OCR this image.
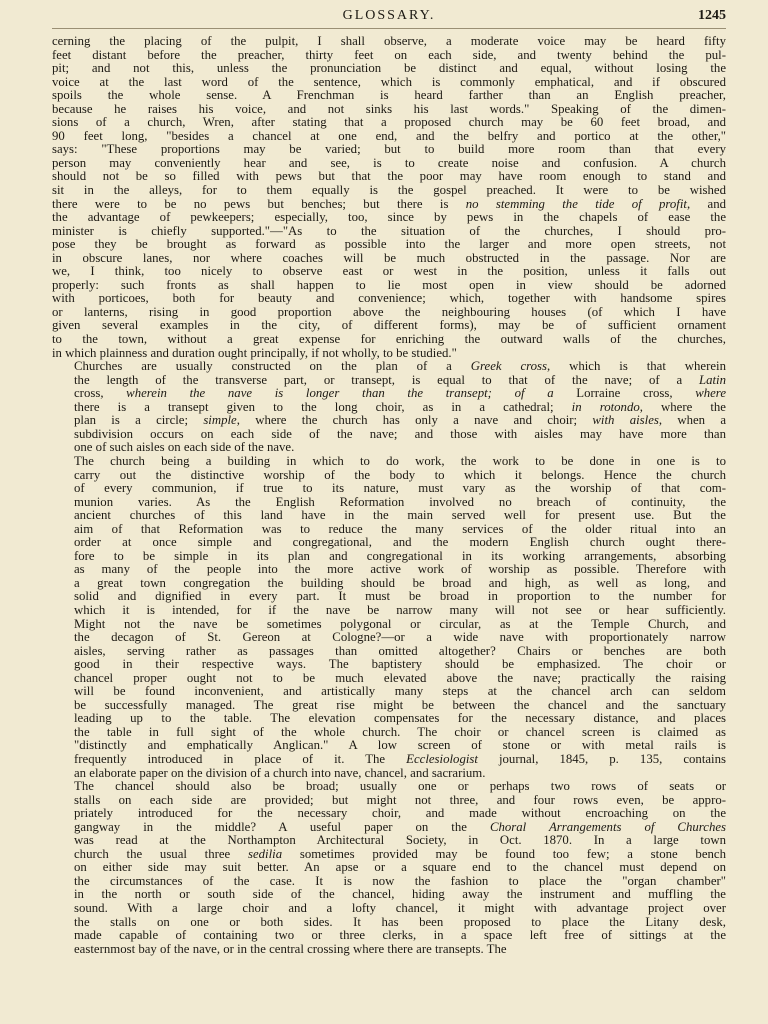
GLOSSARY.	1245
cerning the placing of the pulpit, I shall observe, a moderate voice may be heard fifty
feet distant before the preacher, thirty feet on each side, and twenty behind the pul-
pit; and not this, unless the pronunciation be distinct and equal, without losing the
voice at the last word of the sentence, which is commonly emphatical, and if obscured
spoils the whole sense. A Frenchman is heard farther than an English preacher,
because he raises his voice, and not sinks his last words." Speaking of the dimen-
sions of a church, Wren, after stating that a proposed church may be 60 feet broad, and
90 feet long, "besides a chancel at one end, and the belfry and portico at the other,"
says: "These proportions may be varied; but to build more room than that every
person may conveniently hear and see, is to create noise and confusion. A church
should not be so filled with pews but that the poor may have room enough to stand and
sit in the alleys, for to them equally is the gospel preached. It were to be wished
there were to be no pews but benches; but there is no stemming the tide of profit, and
the advantage of pewkeepers; especially, too, since by pews in the chapels of ease the
minister is chiefly supported."—"As to the situation of the churches, I should pro-
pose they be brought as forward as possible into the larger and more open streets, not
in obscure lanes, nor where coaches will be much obstructed in the passage. Nor are
we, I think, too nicely to observe east or west in the position, unless it falls out
properly: such fronts as shall happen to lie most open in view should be adorned
with porticoes, both for beauty and convenience; which, together with handsome spires
or lanterns, rising in good proportion above the neighbouring houses (of which I have
given several examples in the city, of different forms), may be of sufficient ornament
to the town, without a great expense for enriching the outward walls of the churches,
in which plainness and duration ought principally, if not wholly, to be studied."
Churches are usually constructed on the plan of a Greek cross, which is that wherein
the length of the transverse part, or transept, is equal to that of the nave; of a Latin
cross, wherein the nave is longer than the transept; of a Lorraine cross, where
there is a transept given to the long choir, as in a cathedral; in rotondo, where the
plan is a circle; simple, where the church has only a nave and choir; with aisles, when a
subdivision occurs on each side of the nave; and those with aisles may have more than
one of such aisles on each side of the nave.
The church being a building in which to do work, the work to be done in one is to
carry out the distinctive worship of the body to which it belongs. Hence the church
of every communion, if true to its nature, must vary as the worship of that com-
munion varies. As the English Reformation involved no breach of continuity, the
ancient churches of this land have in the main served well for present use. But the
aim of that Reformation was to reduce the many services of the older ritual into an
order at once simple and congregational, and the modern English church ought there-
fore to be simple in its plan and congregational in its working arrangements, absorbing
as many of the people into the more active work of worship as possible. Therefore with
a great town congregation the building should be broad and high, as well as long, and
solid and dignified in every part. It must be broad in proportion to the number for
which it is intended, for if the nave be narrow many will not see or hear sufficiently.
Might not the nave be sometimes polygonal or circular, as at the Temple Church, and
the decagon of St. Gereon at Cologne?—or a wide nave with proportionately narrow
aisles, serving rather as passages than omitted altogether? Chairs or benches are both
good in their respective ways. The baptistery should be emphasized. The choir or
chancel proper ought not to be much elevated above the nave; practically the raising
will be found inconvenient, and artistically many steps at the chancel arch can seldom
be successfully managed. The great rise might be between the chancel and the sanctuary
leading up to the table. The elevation compensates for the necessary distance, and places
the table in full sight of the whole church. The choir or chancel screen is claimed as
"distinctly and emphatically Anglican." A low screen of stone or with metal rails is
frequently introduced in place of it. The Ecclesiologist journal, 1845, p. 135, contains
an elaborate paper on the division of a church into nave, chancel, and sacrarium.
The chancel should also be broad; usually one or perhaps two rows of seats or
stalls on each side are provided; but might not three, and four rows even, be appro-
priately introduced for the necessary choir, and made without encroaching on the
gangway in the middle? A useful paper on the Choral Arrangements of Churches
was read at the Northampton Architectural Society, in Oct. 1870. In a large town
church the usual three sedilia sometimes provided may be found too few; a stone bench
on either side may suit better. An apse or a square end to the chancel must depend on
the circumstances of the case. It is now the fashion to place the "organ chamber"
in the north or south side of the chancel, hiding away the instrument and muffling the
sound. With a large choir and a lofty chancel, it might with advantage project over
the stalls on one or both sides. It has been proposed to place the Litany desk,
made capable of containing two or three clerks, in a space left free of sittings at the
easternmost bay of the nave, or in the central crossing where there are transepts. The
